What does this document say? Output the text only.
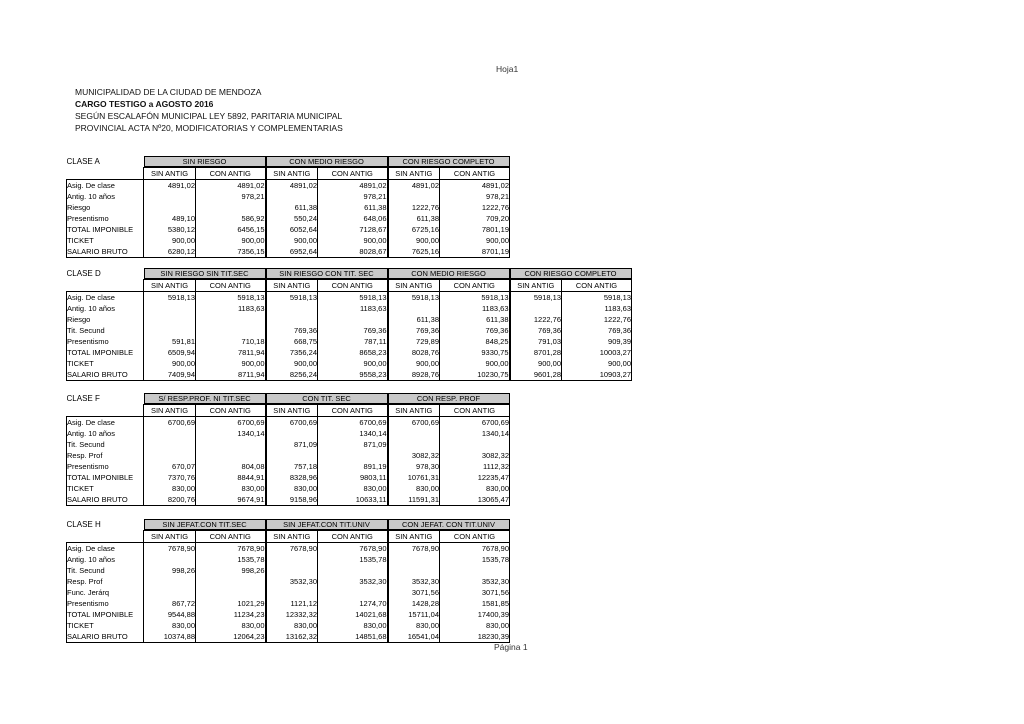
Hoja1
MUNICIPALIDAD DE LA CIUDAD DE MENDOZA
CARGO TESTIGO a AGOSTO 2016
SEGÚN ESCALAFÓN MUNICIPAL LEY 5892, PARITARIA MUNICIPAL
PROVINCIAL ACTA Nº20, MODIFICATORIAS Y COMPLEMENTARIAS
CLASE A	SIN RIESGO		CON MEDIO RIESGO		CON RIESGO COMPLETO	

	SIN ANTIG	CON ANTIG	SIN ANTIG	CON ANTIG	SIN ANTIG	CON ANTIG
Asig. De clase	4891,02	4891,02	4891,02	4891,02	4891,02	4891,02
Antig. 10 años		978,21		978,21		978,21
Riesgo			611,38	611,38	1222,76	1222,76
Presentismo	489,10	586,92	550,24	648,06	611,38	709,20
TOTAL IMPONIBLE	5380,12	6456,15	6052,64	7128,67	6725,16	7801,19
TICKET	900,00	900,00	900,00	900,00	900,00	900,00
SALARIO BRUTO	6280,12	7356,15	6952,64	8028,67	7625,16	8701,19
CLASE D	SIN RIESGO SIN TIT.SEC		SIN RIESGO CON TIT. SEC		CON MEDIO RIESGO		CON RIESGO COMPLETO	

	SIN ANTIG	CON ANTIG	SIN ANTIG	CON ANTIG	SIN ANTIG	CON ANTIG	SIN ANTIG	CON ANTIG
Asig. De clase	5918,13	5918,13	5918,13	5918,13	5918,13	5918,13	5918,13	5918,13
Antig. 10 años		1183,63		1183,63		1183,63		1183,63
Riesgo					611,38	611,38	1222,76	1222,76
Tit. Secund			769,36	769,36	769,36	769,36	769,36	769,36
Presentismo	591,81	710,18	668,75	787,11	729,89	848,25	791,03	909,39
TOTAL IMPONIBLE	6509,94	7811,94	7356,24	8658,23	8028,76	9330,75	8701,28	10003,27
TICKET	900,00	900,00	900,00	900,00	900,00	900,00	900,00	900,00
SALARIO BRUTO	7409,94	8711,94	8256,24	9558,23	8928,76	10230,75	9601,28	10903,27
CLASE F	S/ RESP.PROF. NI TIT.SEC		CON TIT. SEC		CON RESP. PROF	

	SIN ANTIG	CON ANTIG	SIN ANTIG	CON ANTIG	SIN ANTIG	CON ANTIG
Asig. De clase	6700,69	6700,69	6700,69	6700,69	6700,69	6700,69
Antig. 10 años		1340,14		1340,14		1340,14
Tit. Secund			871,09	871,09		
Resp. Prof					3082,32	3082,32
Presentismo	670,07	804,08	757,18	891,19	978,30	1112,32
TOTAL IMPONIBLE	7370,76	8844,91	8328,96	9803,11	10761,31	12235,47
TICKET	830,00	830,00	830,00	830,00	830,00	830,00
SALARIO BRUTO	8200,76	9674,91	9158,96	10633,11	11591,31	13065,47
CLASE H	SIN JEFAT.CON TIT.SEC		SIN JEFAT.CON TIT.UNIV		CON JEFAT. CON TIT.UNIV	

	SIN ANTIG	CON ANTIG	SIN ANTIG	CON ANTIG	SIN ANTIG	CON ANTIG
Asig. De clase	7678,90	7678,90	7678,90	7678,90	7678,90	7678,90
Antig. 10 años		1535,78		1535,78		1535,78
Tit. Secund	998,26	998,26				
Resp. Prof			3532,30	3532,30	3532,30	3532,30
Func. Jerárq					3071,56	3071,56
Presentismo	867,72	1021,29	1121,12	1274,70	1428,28	1581,85
TOTAL IMPONIBLE	9544,88	11234,23	12332,32	14021,68	15711,04	17400,39
TICKET	830,00	830,00	830,00	830,00	830,00	830,00
SALARIO BRUTO	10374,88	12064,23	13162,32	14851,68	16541,04	18230,39
Página 1
